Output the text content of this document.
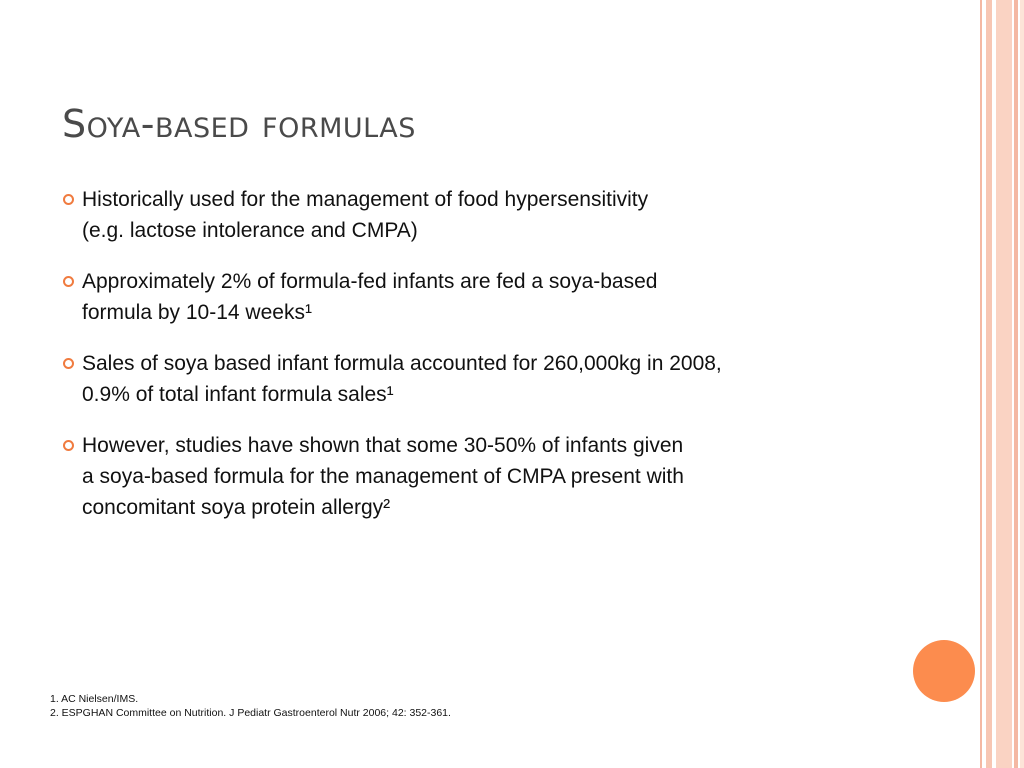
Soya-based formulas
Historically used for the management of food hypersensitivity
(e.g. lactose intolerance and CMPA)
Approximately 2% of formula-fed infants are fed a soya-based
formula by 10-14 weeks¹
Sales of soya based infant formula accounted for 260,000kg in 2008,
0.9% of total infant formula sales¹
However, studies have shown that some 30-50% of infants given
a soya-based formula for the management of CMPA present with
concomitant soya protein allergy²
1. AC Nielsen/IMS.
2. ESPGHAN Committee on Nutrition. J Pediatr Gastroenterol Nutr 2006; 42: 352-361.
